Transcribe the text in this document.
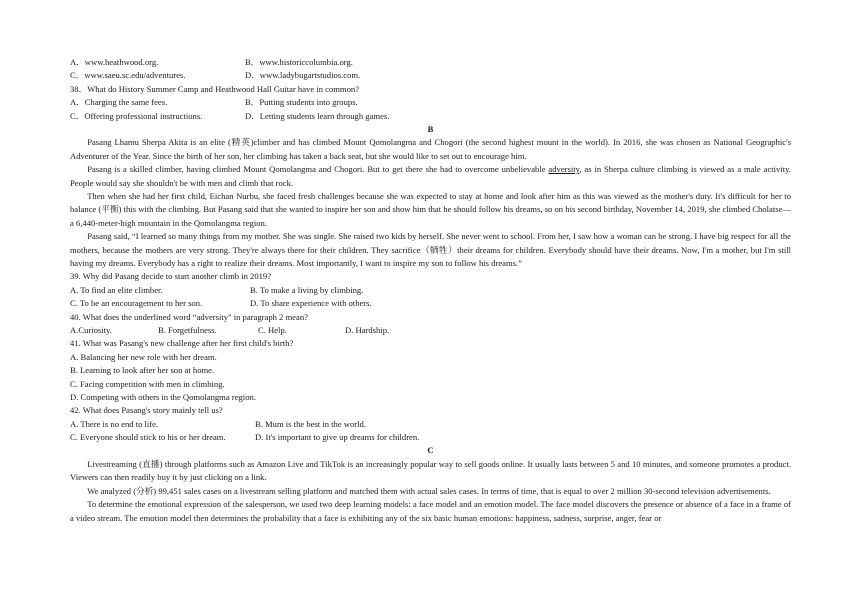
A．www.heathwood.org.	B．www.historiccolumbia.org.
C．www.saeu.sc.edu/adventures.	D．www.ladybugartstudios.com.
38．What do History Summer Camp and Heathwood Hall Guitar have in common?
A．Charging the same fees.	B．Putting students into groups.
C．Offering professional instructions.	D．Letting students learn through games.
B

Pasang Lhamu Sherpa Akita is an elite (精英)climber and has climbed Mount Qomolangma and Chogori (the second highest mount in the world). In 2016, she was chosen as National Geographic's Adventurer of the Year. Since the birth of her son, her climbing has taken a back seat, but she would like to set out to encourage him.

Pasang is a skilled climber, having climbed Mount Qomolangma and Chogori. But to get there she had to overcome unbelievable adversity, as in Sherpa culture climbing is viewed as a male activity. People would say she shouldn't be with men and climb that rock.

Then when she had her first child, Eichan Nurbu, she faced fresh challenges because she was expected to stay at home and look after him as this was viewed as the mother's duty. It's difficult for her to balance (平衡) this with the climbing. But Pasang said that she wanted to inspire her son and show him that he should follow his dreams, so on his second birthday, November 14, 2019, she climbed Cholatse—a 6,440-meter-high mountain in the Qomolangma region.

Pasang said, “I learned so many things from my mother. She was single. She raised two kids by herself. She never went to school. From her, I saw how a woman can be strong. I have big respect for all the mothers, because the mothers are very strong. They're always there for their children. They sacrifice（牺牲）their dreams for children. Everybody should have their dreams. Now, I'm a mother, but I'm still having my dreams. Everybody has a right to realize their dreams. Most importantly, I want to inspire my son to follow his dreams.”

39. Why did Pasang decide to start another climb in 2019?
A. To find an elite climber.	B. To make a living by climbing.
C. To be an encouragement to her son.	D. To share experience with others.
40. What does the underlined word “adversity" in paragraph 2 mean?
A.Curiosity.	B. Forgetfulness.	C. Help.	D. Hardship.
41. What was Pasang's new challenge after her first child's birth?
A. Balancing her new role with her dream.
B. Learning to look after her son at home.
C. Facing competition with men in climbing.
D. Competing with others in the Qomolangma region.
42. What does Pasang's story mainly tell us?
A. There is no end to life.	B. Mum is the best in the world.
C. Everyone should stick to his or her dream.	D. It's important to give up dreams for children.
C

Livestreaming (直播) through platforms such as Amazon Live and TikTok is an increasingly popular way to sell goods online. It usually lasts between 5 and 10 minutes, and someone promotes a product. Viewers can then readily buy it by just clicking on a link.

We analyzed (分析) 99,451 sales cases on a livestream selling platform and matched them with actual sales cases. In terms of time, that is equal to over 2 million 30-second television advertisements.

To determine the emotional expression of the salesperson, we used two deep learning models: a face model and an emotion model. The face model discovers the presence or absence of a face in a frame of a video stream. The emotion model then determines the probability that a face is exhibiting any of the six basic human emotions: happiness, sadness, surprise, anger, fear or
